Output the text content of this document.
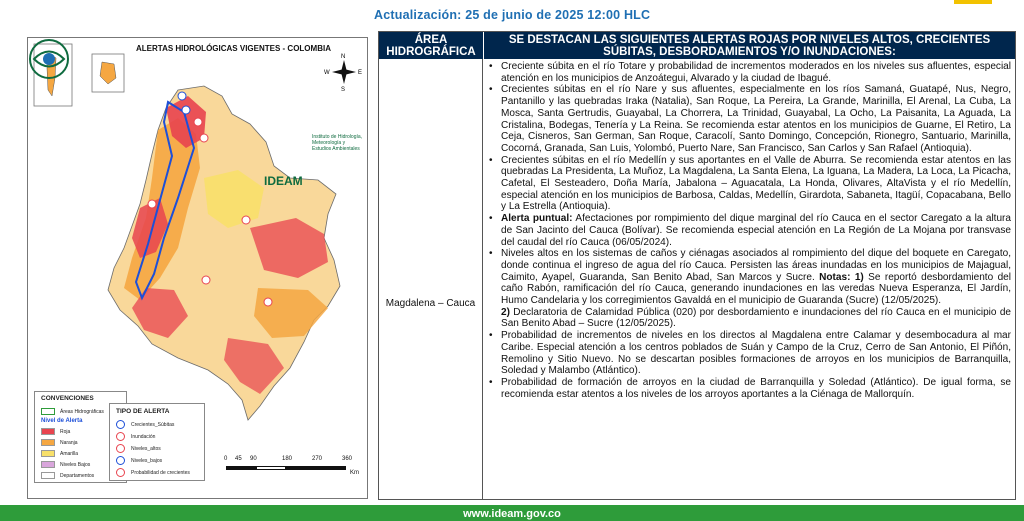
Actualización: 25 de junio de 2025 12:00 HLC
N
S
E
W
ALERTAS HIDROLÓGICAS VIGENTES - COLOMBIA
IDEAM
Instituto de Hidrología, Meteorología y Estudios Ambientales
CONVENCIONES
Áreas Hidrográficas
Nivel de Alerta
Roja
Naranja
Amarilla
Niveles Bajos
Departamentos
TIPO DE ALERTA
Crecientes_Súbitas
Inundación
Niveles_altos
Niveles_bajos
Probabilidad de crecientes
0 45 90	180	270	360
Km
ÁREA HIDROGRÁFICA
SE DESTACAN LAS SIGUIENTES ALERTAS ROJAS POR NIVELES ALTOS, CRECIENTES SÚBITAS, DESBORDAMIENTOS Y/O INUNDACIONES:
Magdalena – Cauca
• Creciente súbita en el río Totare y probabilidad de incrementos moderados en los niveles sus afluentes, especial atención en los municipios de Anzoátegui, Alvarado y la ciudad de Ibagué.
• Crecientes súbitas en el río Nare y sus afluentes, especialmente en los ríos Samaná, Guatapé, Nus, Negro, Pantanillo y las quebradas Iraka (Natalia), San Roque, La Pereira, La Grande, Marinilla, El Arenal, La Cuba, La Mosca, Santa Gertrudis, Guayabal, La Chorrera, La Trinidad, Guayabal, La Ocho, La Paisanita, La Aguada, La Cristalina, Bodegas, Tenería y La Reina. Se recomienda estar atentos en los municipios de Guarne, El Retiro, La Ceja, Cisneros, San German, San Roque, Caracolí, Santo Domingo, Concepción, Rionegro, Santuario, Marinilla, Cocorná, Granada, San Luis, Yolombó, Puerto Nare, San Francisco, San Carlos y San Rafael (Antioquia).
• Crecientes súbitas en el río Medellín y sus aportantes en el Valle de Aburra. Se recomienda estar atentos en las quebradas La Presidenta, La Muñoz, La Magdalena, La Santa Elena, La Iguana, La Madera, La Loca, La Picacha, Cafetal, El Sesteadero, Doña María, Jabalona – Aguacatala, La Honda, Olivares, AltaVista y el río Medellín, especial atención en los municipios de Barbosa, Caldas, Medellín, Girardota, Sabaneta, Itagüí, Copacabana, Bello y La Estrella (Antioquia).
• Alerta puntual: Afectaciones por rompimiento del dique marginal del río Cauca en el sector Caregato a la altura de San Jacinto del Cauca (Bolívar). Se recomienda especial atención en La Región de La Mojana por transvase del caudal del río Cauca (06/05/2024).
• Niveles altos en los sistemas de caños y ciénagas asociados al rompimiento del dique del boquete en Caregato, donde continua el ingreso de agua del río Cauca. Persisten las áreas inundadas en los municipios de Majagual, Caimito, Ayapel, Guaranda, San Benito Abad, San Marcos y Sucre. Notas: 1) Se reportó desbordamiento del caño Rabón, ramificación del río Cauca, generando inundaciones en las veredas Nueva Esperanza, El Jardín, Humo Candelaria y los corregimientos Gavaldá en el municipio de Guaranda (Sucre) (12/05/2025).
2) Declaratoria de Calamidad Pública (020) por desbordamiento e inundaciones del río Cauca en el municipio de San Benito Abad – Sucre (12/05/2025).
• Probabilidad de incrementos de niveles en los directos al Magdalena entre Calamar y desembocadura al mar Caribe. Especial atención a los centros poblados de Suán y Campo de la Cruz, Cerro de San Antonio, El Piñón, Remolino y Sitio Nuevo. No se descartan posibles formaciones de arroyos en los municipios de Barranquilla, Soledad y Malambo (Atlántico).
• Probabilidad de formación de arroyos en la ciudad de Barranquilla y Soledad (Atlántico). De igual forma, se recomienda estar atentos a los niveles de los arroyos aportantes a la Ciénaga de Mallorquín.
www.ideam.gov.co
